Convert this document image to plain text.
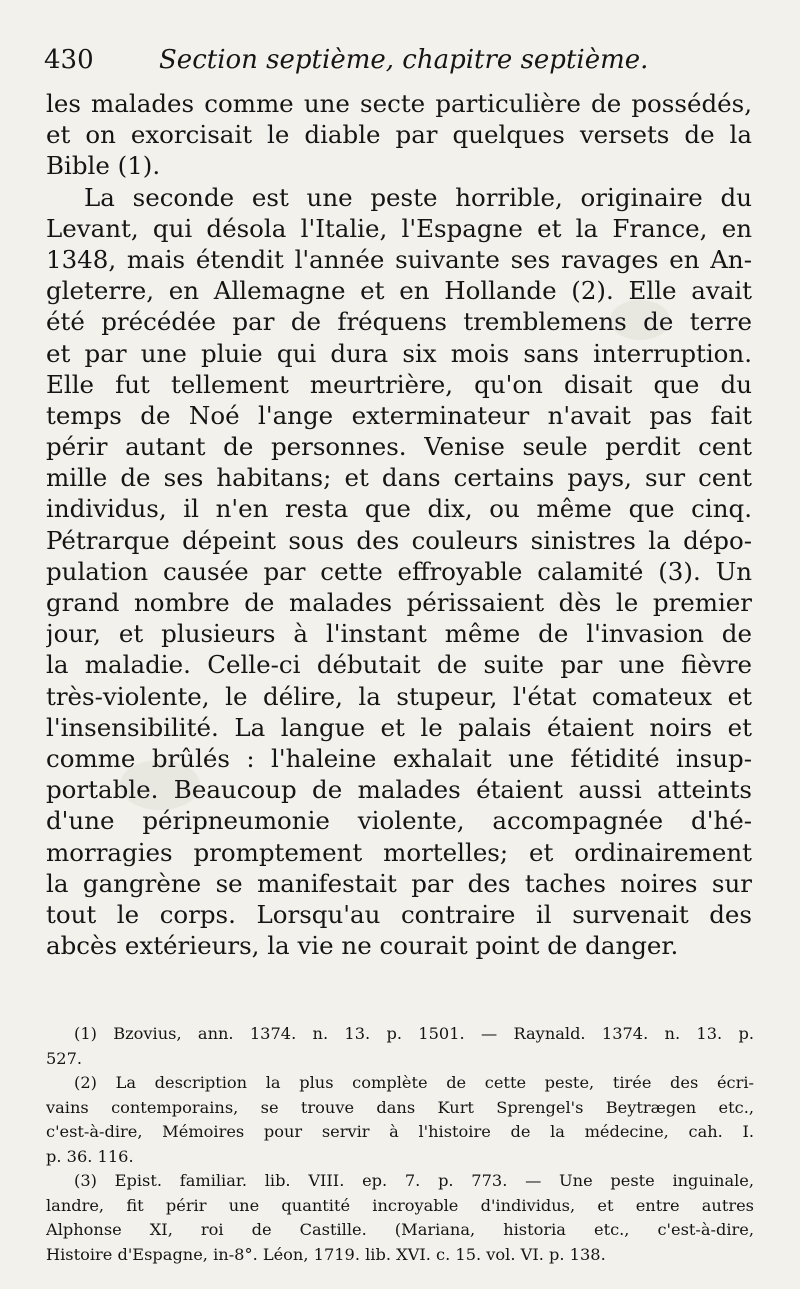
430	Section septième, chapitre septième.
les malades comme une secte particulière de possédés,
et on exorcisait le diable par quelques versets de la
Bible (1).
La seconde est une peste horrible, originaire du
Levant, qui désola l'Italie, l'Espagne et la France, en
1348, mais étendit l'année suivante ses ravages en An-
gleterre, en Allemagne et en Hollande (2). Elle avait
été précédée par de fréquens tremblemens de terre
et par une pluie qui dura six mois sans interruption.
Elle fut tellement meurtrière, qu'on disait que du
temps de Noé l'ange exterminateur n'avait pas fait
périr autant de personnes. Venise seule perdit cent
mille de ses habitans; et dans certains pays, sur cent
individus, il n'en resta que dix, ou même que cinq.
Pétrarque dépeint sous des couleurs sinistres la dépo-
pulation causée par cette effroyable calamité (3). Un
grand nombre de malades périssaient dès le premier
jour, et plusieurs à l'instant même de l'invasion de
la maladie. Celle-ci débutait de suite par une fièvre
très-violente, le délire, la stupeur, l'état comateux et
l'insensibilité. La langue et le palais étaient noirs et
comme brûlés : l'haleine exhalait une fétidité insup-
portable. Beaucoup de malades étaient aussi atteints
d'une péripneumonie violente, accompagnée d'hé-
morragies promptement mortelles; et ordinairement
la gangrène se manifestait par des taches noires sur
tout le corps. Lorsqu'au contraire il survenait des
abcès extérieurs, la vie ne courait point de danger.
(1) Bzovius, ann. 1374. n. 13. p. 1501. — Raynald. 1374. n. 13. p.
527.
(2) La description la plus complète de cette peste, tirée des écri-
vains contemporains, se trouve dans Kurt Sprengel's Beytrægen etc.,
c'est-à-dire, Mémoires pour servir à l'histoire de la médecine, cah. I.
p. 36. 116.
(3) Epist. familiar. lib. VIII. ep. 7. p. 773. — Une peste inguinale,
landre, fit périr une quantité incroyable d'individus, et entre autres
Alphonse XI, roi de Castille. (Mariana, historia etc., c'est-à-dire,
Histoire d'Espagne, in-8°. Léon, 1719. lib. XVI. c. 15. vol. VI. p. 138.
